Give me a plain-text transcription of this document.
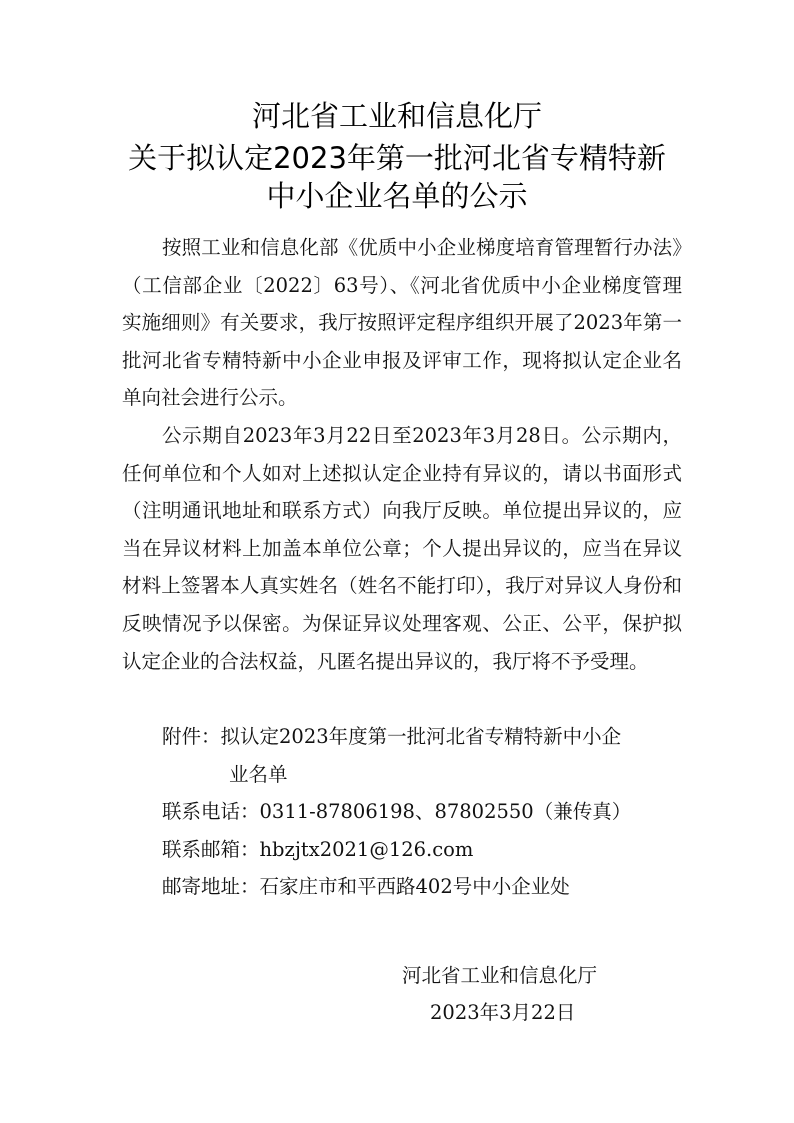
河北省工业和信息化厅
关于拟认定2023年第一批河北省专精特新
中小企业名单的公示
按照工业和信息化部《优质中小企业梯度培育管理暂行办法》（工信部企业〔2022〕63号）、《河北省优质中小企业梯度管理实施细则》有关要求，我厅按照评定程序组织开展了2023年第一批河北省专精特新中小企业申报及评审工作，现将拟认定企业名单向社会进行公示。
公示期自2023年3月22日至2023年3月28日。公示期内，任何单位和个人如对上述拟认定企业持有异议的，请以书面形式（注明通讯地址和联系方式）向我厅反映。单位提出异议的，应当在异议材料上加盖本单位公章；个人提出异议的，应当在异议材料上签署本人真实姓名（姓名不能打印），我厅对异议人身份和反映情况予以保密。为保证异议处理客观、公正、公平，保护拟认定企业的合法权益，凡匿名提出异议的，我厅将不予受理。
附件：拟认定2023年度第一批河北省专精特新中小企
业名单
联系电话：0311-87806198、87802550（兼传真）
联系邮箱：hbzjtx2021@126.com
邮寄地址：石家庄市和平西路402号中小企业处
河北省工业和信息化厅
2023年3月22日
